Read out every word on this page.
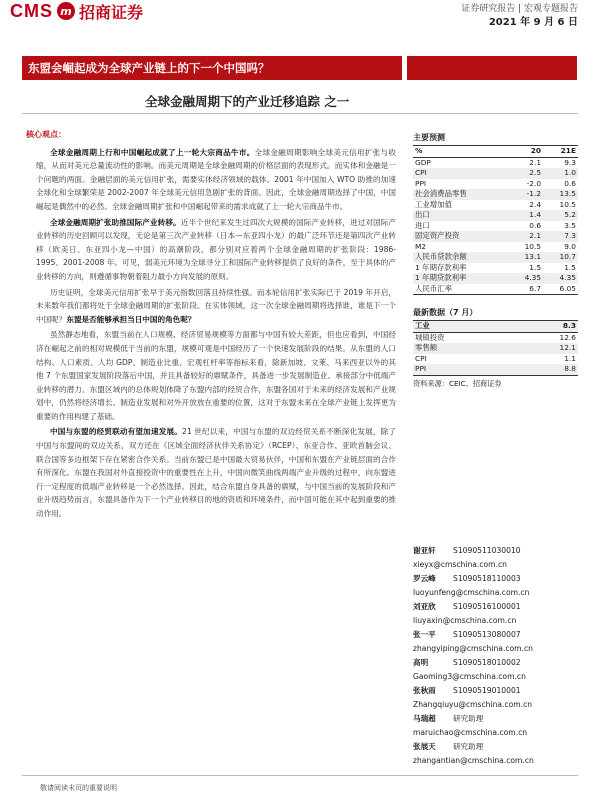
CMS m 招商证券	证券研究报告 | 宏观专题报告
2021 年 9 月 6 日
东盟会崛起成为全球产业链上的下一个中国吗？
全球金融周期下的产业迁移追踪 之一
核心观点：

全球金融周期上行和中国崛起成就了上一轮大宗商品牛市。全球金融周期影响全球美元信用扩张与收缩，从而对美元总量流动性的影响。而美元周期是全球金融周期的价格层面的表现形式。而实体和金融是一个问题的两面。金融层面的美元信用扩张，需要实体经济领域的载体。2001 年中国加入 WTO 助推的加速全球化和全球繁荣是 2002-2007 年全球美元信用急剧扩张的背面。因此，全球金融周期选择了中国，中国崛起是偶然中的必然。全球金融周期扩张和中国崛起带来的需求成就了上一轮大宗商品牛市。

全球金融周期扩张助推国际产业转移。近半个世纪来发生过四次大规模的国际产业转移，进过对国际产业转移的历史回顾可以发现，无论是第三次产业转移（日本—东亚四小龙）的最广泛环节还是第四次产业转移（欧美日、东亚四小龙—中国）的高潮阶段，都分别对应着两个全球金融周期的扩张阶段：1986-1995、2001-2008 年。可见，弱美元环境为全球寻分工和国际产业转移提供了良好的条件，至于具体的产业转移的方向，则遵循事物朝着阻力最小方向发展的原则。

历史证明，全球美元信用扩张早于美元指数回落且持续性强。而本轮信用扩张实际已于 2019 年开启，未来数年我们都将处于全球金融周期的扩张阶段。在实体领域，这一次全球金融周期将选择谁，谁是下一个中国呢？东盟是否能够承担当日中国的角色呢？

虽然静态地看，东盟当前在人口规模、经济贸易规模等方面都与中国有较大差距，但也应看到，中国经济在崛起之前的相对规模低于当前的东盟，规模可观是中国经历了一个快速发展阶段的结果。从东盟的人口结构、人口素质、人均 GDP、制造业比重、宏观杠杆率等指标来看，除新加坡、文莱、马来西亚以外的其他 7 个东盟国家发展阶段落后中国，并且具备较好的禀赋条件，具备进一步发展制造业、承接部分中低端产业转移的潜力。东盟区域内的总体规划体降了东盟内部的经贸合作，东盟各国对于未来的经济发展和产业规划中，仍然将经济增长、制造业发展和对外开放放在重要的位置，这对于东盟未来在全球产业链上发挥更为重要的作用构建了基础。

中国与东盟的经贸联动有望加速发展。21 世纪以来，中国与东盟的双边经贸关系不断深化发展，除了中国与东盟间的双边关系，双方还在《区域全面经济伙伴关系协定》（RCEP）、东亚合作、亚欧首脑会议、联合国等多边框架下存在紧密合作关系。当前东盟已是中国最大贸易伙伴，中国和东盟在产业链层面的合作有所深化。东盟在我国对外直接投资中的重要性在上升，中国向微笑曲线两端产业升级的过程中，向东盟进行一定程度的低端产业转移是一个必然选择。因此，结合东盟自身具备的禀赋，与中国当前的发展阶段和产业升级趋势而言，东盟具备作为下一个产业转移目的地的资质和环境条件，而中国可能在其中起到重要的推动作用。

主要预测
%	20	21E
GDP	2.1	9.3
CPI	2.5	1.0
PPI	-2.0	0.6
社会消费品零售	-1.2	13.5
工业增加值	2.4	10.5
出口	1.4	5.2
进口	0.6	3.5
固定资产投资	2.1	7.3
M2	10.5	9.0
人民币贷款余额	13.1	10.7
1 年期存款利率	1.5	1.5
1 年期贷款利率	4.35	4.35
人民币汇率	6.7	6.05
最新数据（7 月）
工业	8.3
城镇投资	12.6
零售额	12.1
CPI	1.1
PPI	8.8
资料来源：CEIC、招商证券
谢亚轩	S1090511030010
xieyx@cmschina.com.cn
罗云峰	S1090518110003
luoyunfeng@cmschina.com.cn
刘亚欣	S1090516100001
liuyaxin@cmschina.com.cn
张一平	S1090513080007
zhangyiping@cmschina.com.cn
高明	S1090518010002
Gaoming3@cmschina.com.cn
张秋雨	S1090519010001
Zhangqiuyu@cmschina.com.cn
马瑞超	研究助理
maruichao@cmschina.com.cn
张展天	研究助理
zhangantian@cmschina.com.cn
敬请阅读末页的重要说明
